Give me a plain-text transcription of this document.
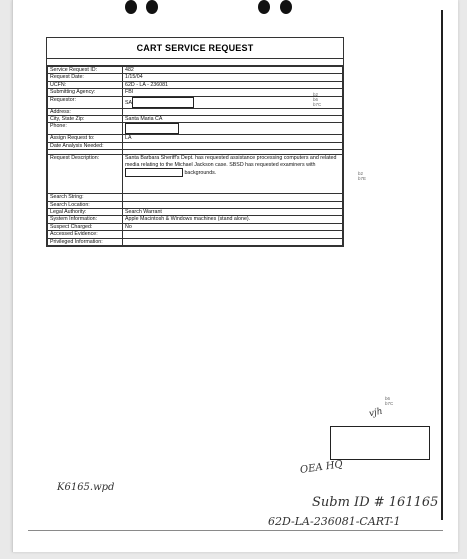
CART SERVICE REQUEST
Service Request ID:	482
Request Date:	1/15/04
UCFN:	62D - LA - 236081
Submitting Agency:	FBI
Requestor:	SA
Address:	
City, State Zip:	Santa Maria CA
Phone:	
Assign Request to:	LA
Date Analysis Needed:	

Request Description:	Santa Barbara Sheriff's Dept. has requested assistance processing computers and related media relating to the Michael Jackson case. SBSD has requested examiners with  backgrounds.
Search String:	
Search Location:	
Legal Authority:	Search Warrant
System Information:	Apple Macintosh & Windows machines (stand alone).
Suspect Charged:	No
Accessed Evidence:	
Privileged Information:	
b2
b6
b7C
b2
b7E
b6
b7C
vjh
OEA HQ
K6165.wpd
Subm ID # 161165
62D-LA-236081-CART-1
